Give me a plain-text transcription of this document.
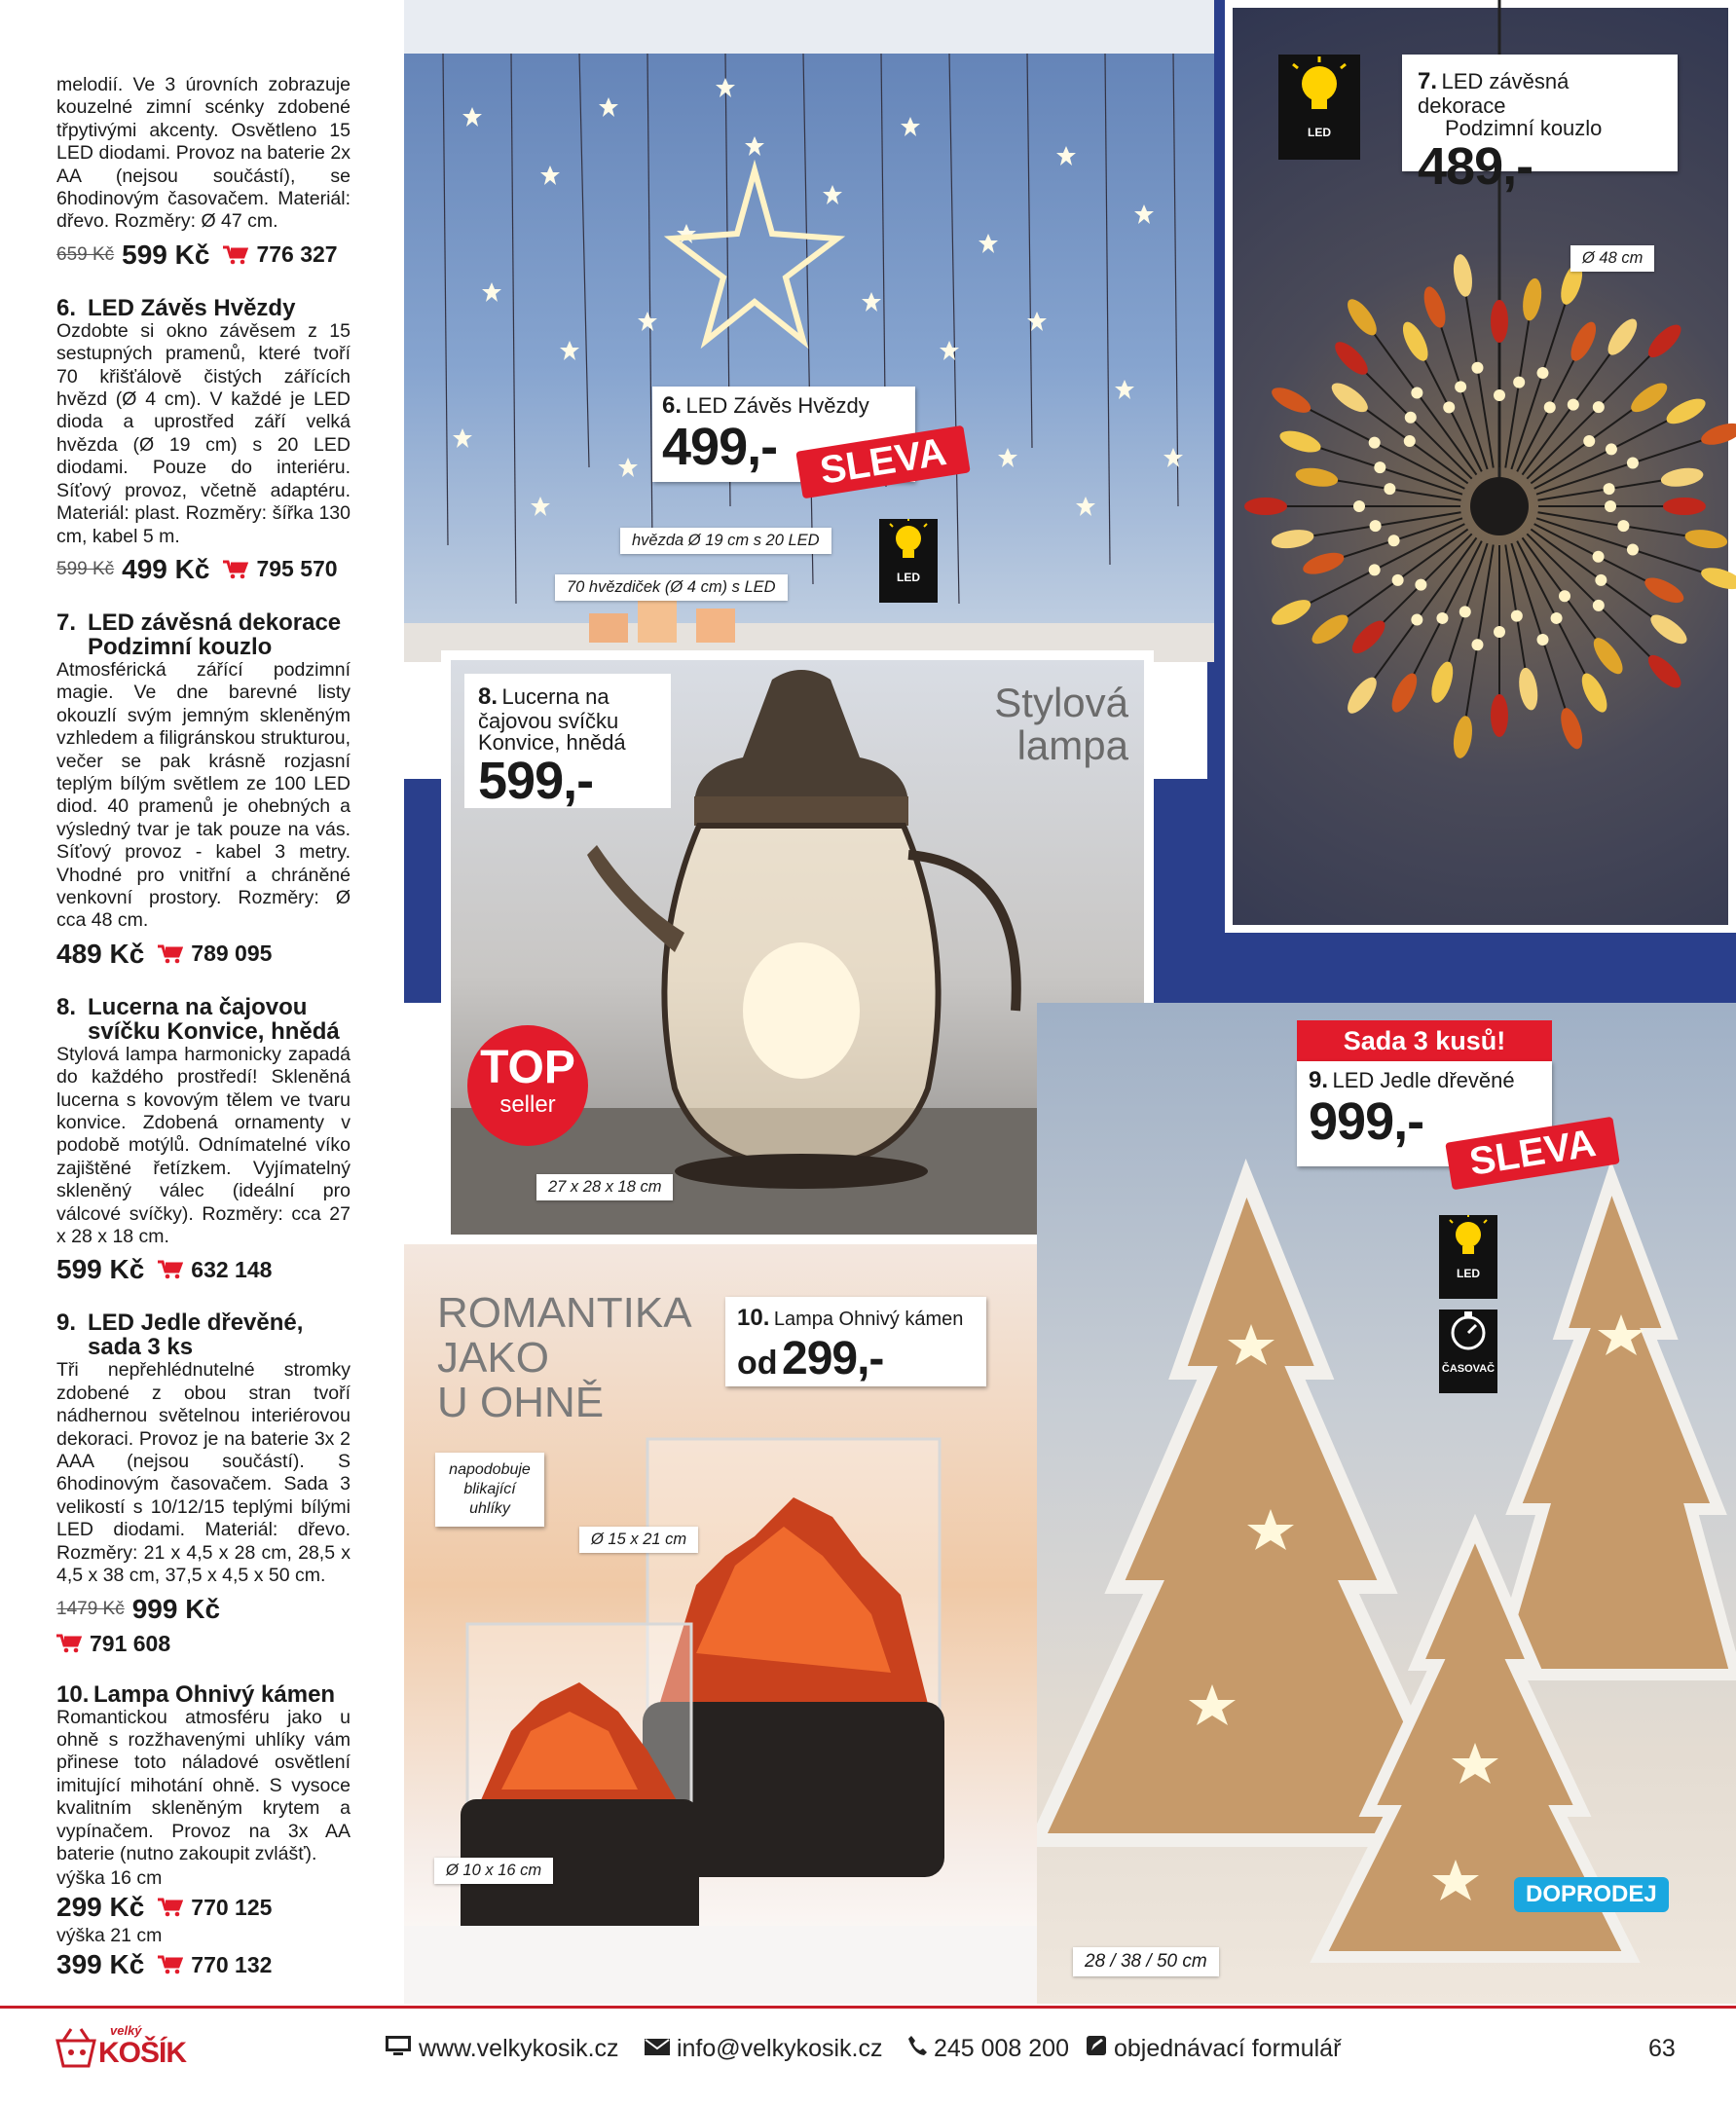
melodií. Ve 3 úrovních zobrazuje kouzelné zimní scénky zdobené třpytivými akcenty. Osvětleno 15 LED diodami. Provoz na baterie 2x AA (nejsou součástí), se 6hodinovým časovačem. Materiál: dřevo. Rozměry: Ø 47 cm.

659 Kč 599 Kč 776 327

6. LED Závěs Hvězdy

Ozdobte si okno závěsem z 15 sestupných pramenů, které tvoří 70 křišťálově čistých zářících hvězd (Ø 4 cm). V každé je LED dioda a uprostřed září velká hvězda (Ø 19 cm) s 20 LED diodami. Pouze do interiéru. Síťový provoz, včetně adaptéru. Materiál: plast. Rozměry: šířka 130 cm, kabel 5 m.

599 Kč 499 Kč 795 570

7. LED závěsná dekorace
Podzimní kouzlo

Atmosférická zářící podzimní magie. Ve dne barevné listy okouzlí svým jemným skleněným vzhledem a filigránskou strukturou, večer se pak krásně rozjasní teplým bílým světlem ze 100 LED diod. 40 pramenů je ohebných a výsledný tvar je tak pouze na vás. Síťový provoz - kabel 3 metry. Vhodné pro vnitřní a chráněné venkovní prostory. Rozměry: Ø cca 48 cm.

489 Kč 789 095

8. Lucerna na čajovou
svíčku Konvice, hnědá

Stylová lampa harmonicky zapadá do každého prostředí! Skleněná lucerna s kovovým tělem ve tvaru konvice. Zdobená ornamenty v podobě motýlů. Odnímatelné víko zajištěné řetízkem. Vyjímatelný skleněný válec (ideální pro válcové svíčky). Rozměry: cca 27 x 28 x 18 cm.

599 Kč 632 148

9. LED Jedle dřevěné,
sada 3 ks

Tři nepřehlédnutelné stromky zdobené z obou stran tvoří nádhernou světelnou interiérovou dekoraci. Provoz je na baterie 3x 2 AAA (nejsou součástí). S 6hodinovým časovačem. Sada 3 velikostí s 10/12/15 teplými bílými LED diodami. Materiál: dřevo. Rozměry: 21 x 4,5 x 28 cm, 28,5 x 4,5 x 38 cm, 37,5 x 4,5 x 50 cm.

1479 Kč 999 Kč
791 608

10. Lampa Ohnivý kámen

Romantickou atmosféru jako u ohně s rozžhavenými uhlíky vám přinese toto náladové osvětlení imitující mihotání ohně. S vysoce kvalitním skleněným krytem a vypínačem. Provoz na 3x AA baterie (nutno zakoupit zvlášť).

výška 16 cm
299 Kč 770 125
výška 21 cm
399 Kč 770 132
6. LED Závěs Hvězdy
499,-	SLEVA
hvězda Ø 19 cm s 20 LED
70 hvězdiček (Ø 4 cm) s LED
LED
7. LED závěsná dekorace
Podzimní kouzlo
489,-
LED
Ø 48 cm
8. Lucerna na
čajovou svíčku
Konvice, hnědá
599,-
Stylová
lampa
TOP
seller
27 x 28 x 18 cm
ROMANTIKA
JAKO
U OHNĚ
10. Lampa Ohnivý kámen
od 299,-
napodobuje
blikající
uhlíky
Ø 15 x 21 cm
Ø 10 x 16 cm
Sada 3 kusů!
9. LED Jedle dřevěné
999,-
SLEVA
LED
ČASOVAČ
DOPRODEJ
28 / 38 / 50 cm
velký
KOŠÍK	www.velkykosik.cz	info@velkykosik.cz	245 008 200	objednávací formulář	63
